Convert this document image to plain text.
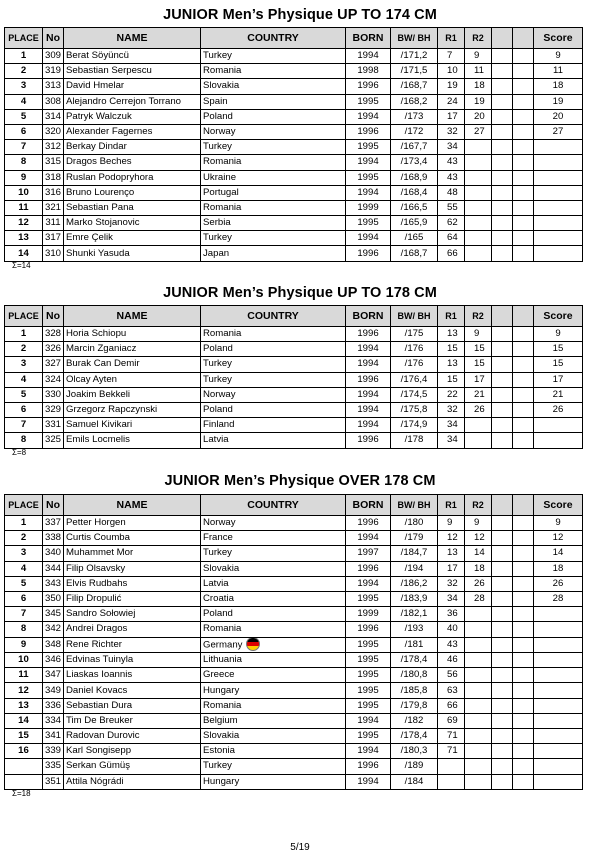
JUNIOR Men’s Physique UP TO 174 CM
PLACE	No	NAME	COUNTRY	BORN	BW/ BH	R1	R2			Score
1	309	Berat Söyüncü	Turkey	1994	/171,2	7	9			9
2	319	Sebastian Serpescu	Romania	1998	/171,5	10	11			11
3	313	David Hmelar	Slovakia	1996	/168,7	19	18			18
4	308	Alejandro Cerrejon Torrano	Spain	1995	/168,2	24	19			19
5	314	Patryk Walczuk	Poland	1994	/173	17	20			20
6	320	Alexander Fagernes	Norway	1996	/172	32	27			27
7	312	Berkay Dindar	Turkey	1995	/167,7	34				
8	315	Dragos Beches	Romania	1994	/173,4	43				
9	318	Ruslan Podopryhora	Ukraine	1995	/168,9	43				
10	316	Bruno Lourenço	Portugal	1994	/168,4	48				
11	321	Sebastian Pana	Romania	1999	/166,5	55				
12	311	Marko Stojanovic	Serbia	1995	/165,9	62				
13	317	Emre Çelik	Turkey	1994	/165	64				
14	310	Shunki Yasuda	Japan	1996	/168,7	66				
Σ=14
JUNIOR Men’s Physique UP TO 178 CM
PLACE	No	NAME	COUNTRY	BORN	BW/ BH	R1	R2			Score
1	328	Horia Schiopu	Romania	1996	/175	13	9			9
2	326	Marcin Zganiacz	Poland	1994	/176	15	15			15
3	327	Burak Can Demir	Turkey	1994	/176	13	15			15
4	324	Olcay Ayten	Turkey	1996	/176,4	15	17			17
5	330	Joakim Bekkeli	Norway	1994	/174,5	22	21			21
6	329	Grzegorz Rapczynski	Poland	1994	/175,8	32	26			26
7	331	Samuel Kivikari	Finland	1994	/174,9	34				
8	325	Emils Locmelis	Latvia	1996	/178	34				
Σ=8
JUNIOR Men’s Physique OVER 178 CM
PLACE	No	NAME	COUNTRY	BORN	BW/ BH	R1	R2			Score
1	337	Petter Horgen	Norway	1996	/180	9	9			9
2	338	Curtis Coumba	France	1994	/179	12	12			12
3	340	Muhammet Mor	Turkey	1997	/184,7	13	14			14
4	344	Filip Olsavsky	Slovakia	1996	/194	17	18			18
5	343	Elvis Rudbahs	Latvia	1994	/186,2	32	26			26
6	350	Filip Dropulić	Croatia	1995	/183,9	34	28			28
7	345	Sandro Sołowiej	Poland	1999	/182,1	36				
8	342	Andrei Dragos	Romania	1996	/193	40				
9	348	Rene Richter	Germany	1995	/181	43				
10	346	Edvinas Tuinyla	Lithuania	1995	/178,4	46				
11	347	Liaskas Ioannis	Greece	1995	/180,8	56				
12	349	Daniel Kovacs	Hungary	1995	/185,8	63				
13	336	Sebastian Dura	Romania	1995	/179,8	66				
14	334	Tim De Breuker	Belgium	1994	/182	69				
15	341	Radovan Durovic	Slovakia	1995	/178,4	71				
16	339	Karl Songisepp	Estonia	1994	/180,3	71				
	335	Serkan Gümüş	Turkey	1996	/189					
	351	Attila Nógrádi	Hungary	1994	/184					
Σ=18
5/19
